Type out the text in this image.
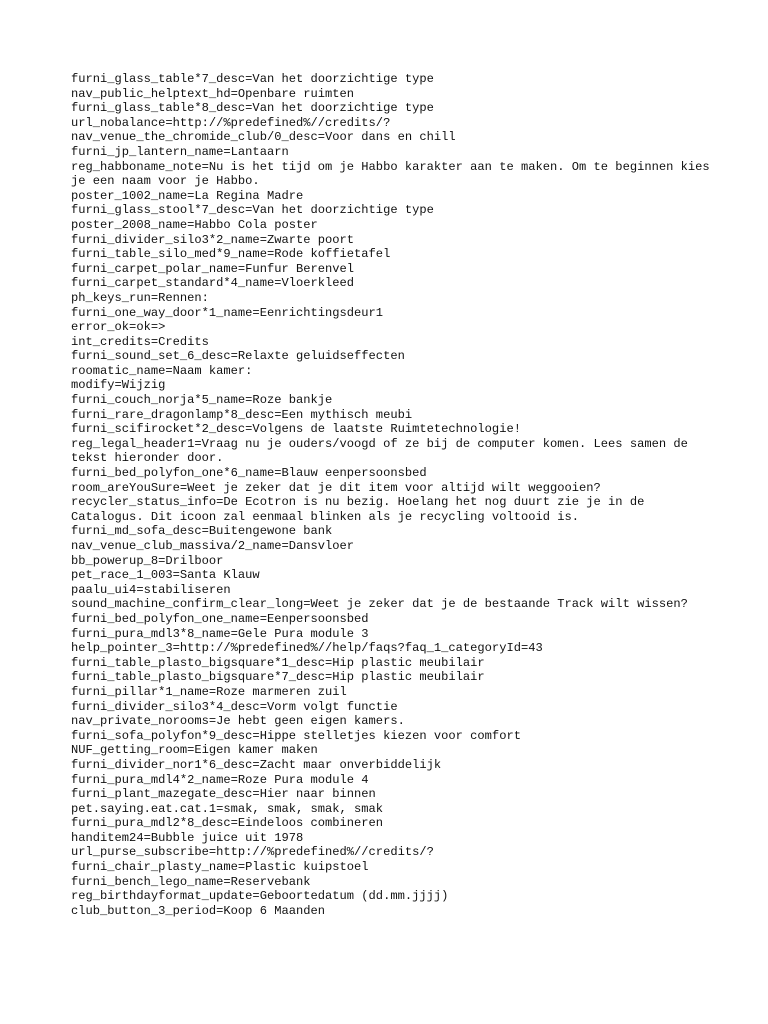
furni_glass_table*7_desc=Van het doorzichtige type
nav_public_helptext_hd=Openbare ruimten
furni_glass_table*8_desc=Van het doorzichtige type
url_nobalance=http://%predefined%//credits/?
nav_venue_the_chromide_club/0_desc=Voor dans en chill
furni_jp_lantern_name=Lantaarn
reg_habboname_note=Nu is het tijd om je Habbo karakter aan te maken. Om te beginnen kies je een naam voor je Habbo.
poster_1002_name=La Regina Madre
furni_glass_stool*7_desc=Van het doorzichtige type
poster_2008_name=Habbo Cola poster
furni_divider_silo3*2_name=Zwarte poort
furni_table_silo_med*9_name=Rode koffietafel
furni_carpet_polar_name=Funfur Berenvel
furni_carpet_standard*4_name=Vloerkleed
ph_keys_run=Rennen:
furni_one_way_door*1_name=Eenrichtingsdeur1
error_ok=ok=>
int_credits=Credits
furni_sound_set_6_desc=Relaxte geluidseffecten
roomatic_name=Naam kamer:
modify=Wijzig
furni_couch_norja*5_name=Roze bankje
furni_rare_dragonlamp*8_desc=Een mythisch meubi
furni_scifirocket*2_desc=Volgens de laatste Ruimtetechnologie!
reg_legal_header1=Vraag nu je ouders/voogd of ze bij de computer komen. Lees samen de tekst hieronder door.
furni_bed_polyfon_one*6_name=Blauw eenpersoonsbed
room_areYouSure=Weet je zeker dat je dit item voor altijd wilt weggooien?
recycler_status_info=De Ecotron is nu bezig. Hoelang het nog duurt zie je in de Catalogus. Dit icoon zal eenmaal blinken als je recycling voltooid is.
furni_md_sofa_desc=Buitengewone bank
nav_venue_club_massiva/2_name=Dansvloer
bb_powerup_8=Drilboor
pet_race_1_003=Santa Klauw
paalu_ui4=stabiliseren
sound_machine_confirm_clear_long=Weet je zeker dat je de bestaande Track wilt wissen?
furni_bed_polyfon_one_name=Eenpersoonsbed
furni_pura_mdl3*8_name=Gele Pura module 3
help_pointer_3=http://%predefined%//help/faqs?faq_1_categoryId=43
furni_table_plasto_bigsquare*1_desc=Hip plastic meubilair
furni_table_plasto_bigsquare*7_desc=Hip plastic meubilair
furni_pillar*1_name=Roze marmeren zuil
furni_divider_silo3*4_desc=Vorm volgt functie
nav_private_norooms=Je hebt geen eigen kamers.
furni_sofa_polyfon*9_desc=Hippe stelletjes kiezen voor comfort
NUF_getting_room=Eigen kamer maken
furni_divider_nor1*6_desc=Zacht maar onverbiddelijk
furni_pura_mdl4*2_name=Roze Pura module 4
furni_plant_mazegate_desc=Hier naar binnen
pet.saying.eat.cat.1=smak, smak, smak, smak
furni_pura_mdl2*8_desc=Eindeloos combineren
handitem24=Bubble juice uit 1978
url_purse_subscribe=http://%predefined%//credits/?
furni_chair_plasty_name=Plastic kuipstoel
furni_bench_lego_name=Reservebank
reg_birthdayformat_update=Geboortedatum (dd.mm.jjjj)
club_button_3_period=Koop 6 Maanden
